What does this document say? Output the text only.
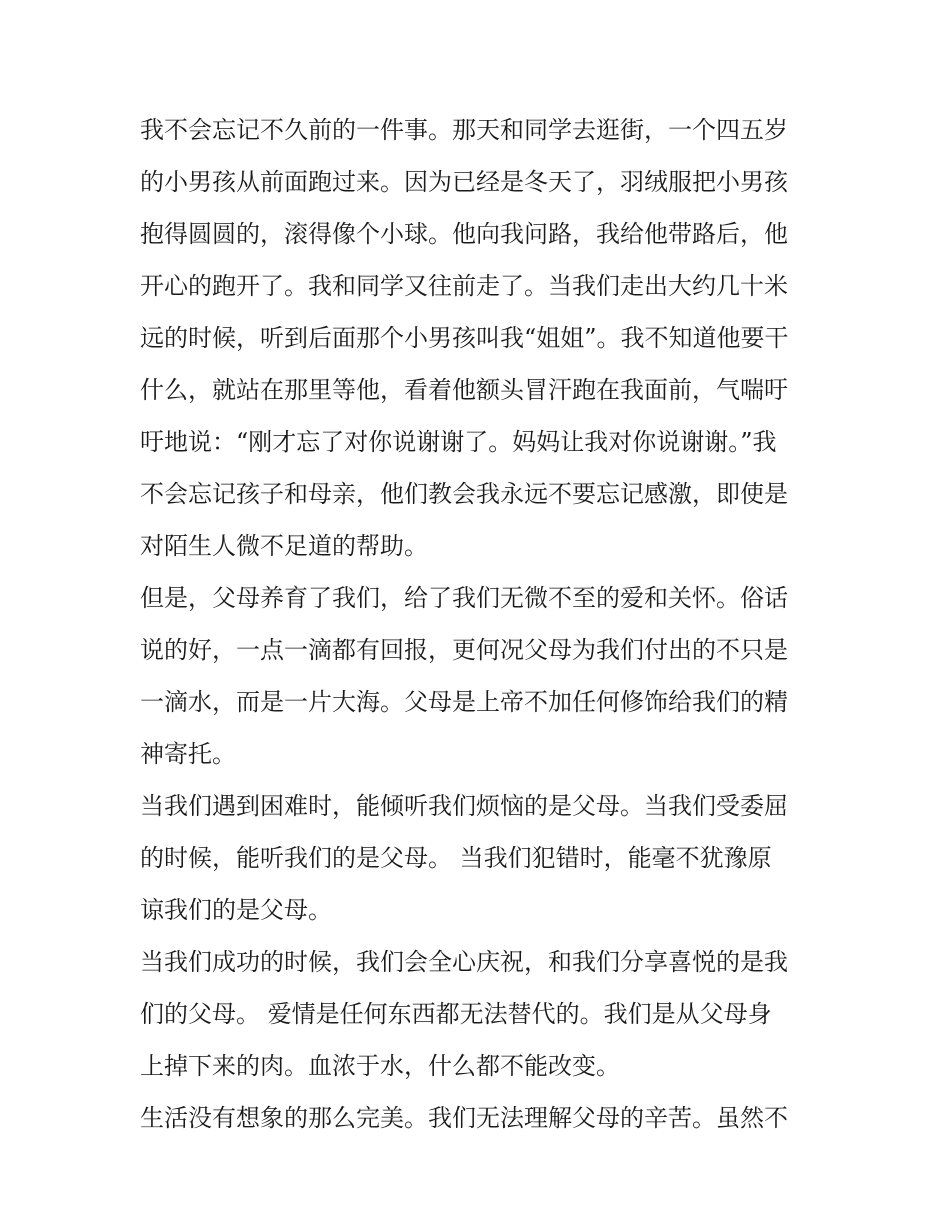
我不会忘记不久前的一件事。那天和同学去逛街，一个四五岁
的小男孩从前面跑过来。因为已经是冬天了，羽绒服把小男孩
抱得圆圆的，滚得像个小球。他向我问路，我给他带路后，他
开心的跑开了。我和同学又往前走了。当我们走出大约几十米
远的时候，听到后面那个小男孩叫我“姐姐”。我不知道他要干
什么，就站在那里等他，看着他额头冒汗跑在我面前，气喘吁
吁地说：“刚才忘了对你说谢谢了。妈妈让我对你说谢谢。”我
不会忘记孩子和母亲，他们教会我永远不要忘记感激，即使是
对陌生人微不足道的帮助。
但是，父母养育了我们，给了我们无微不至的爱和关怀。俗话
说的好，一点一滴都有回报，更何况父母为我们付出的不只是
一滴水，而是一片大海。父母是上帝不加任何修饰给我们的精
神寄托。
当我们遇到困难时，能倾听我们烦恼的是父母。当我们受委屈
的时候，能听我们的是父母。 当我们犯错时，能毫不犹豫原
谅我们的是父母。
当我们成功的时候，我们会全心庆祝，和我们分享喜悦的是我
们的父母。 爱情是任何东西都无法替代的。我们是从父母身
上掉下来的肉。血浓于水，什么都不能改变。
生活没有想象的那么完美。我们无法理解父母的辛苦。虽然不
